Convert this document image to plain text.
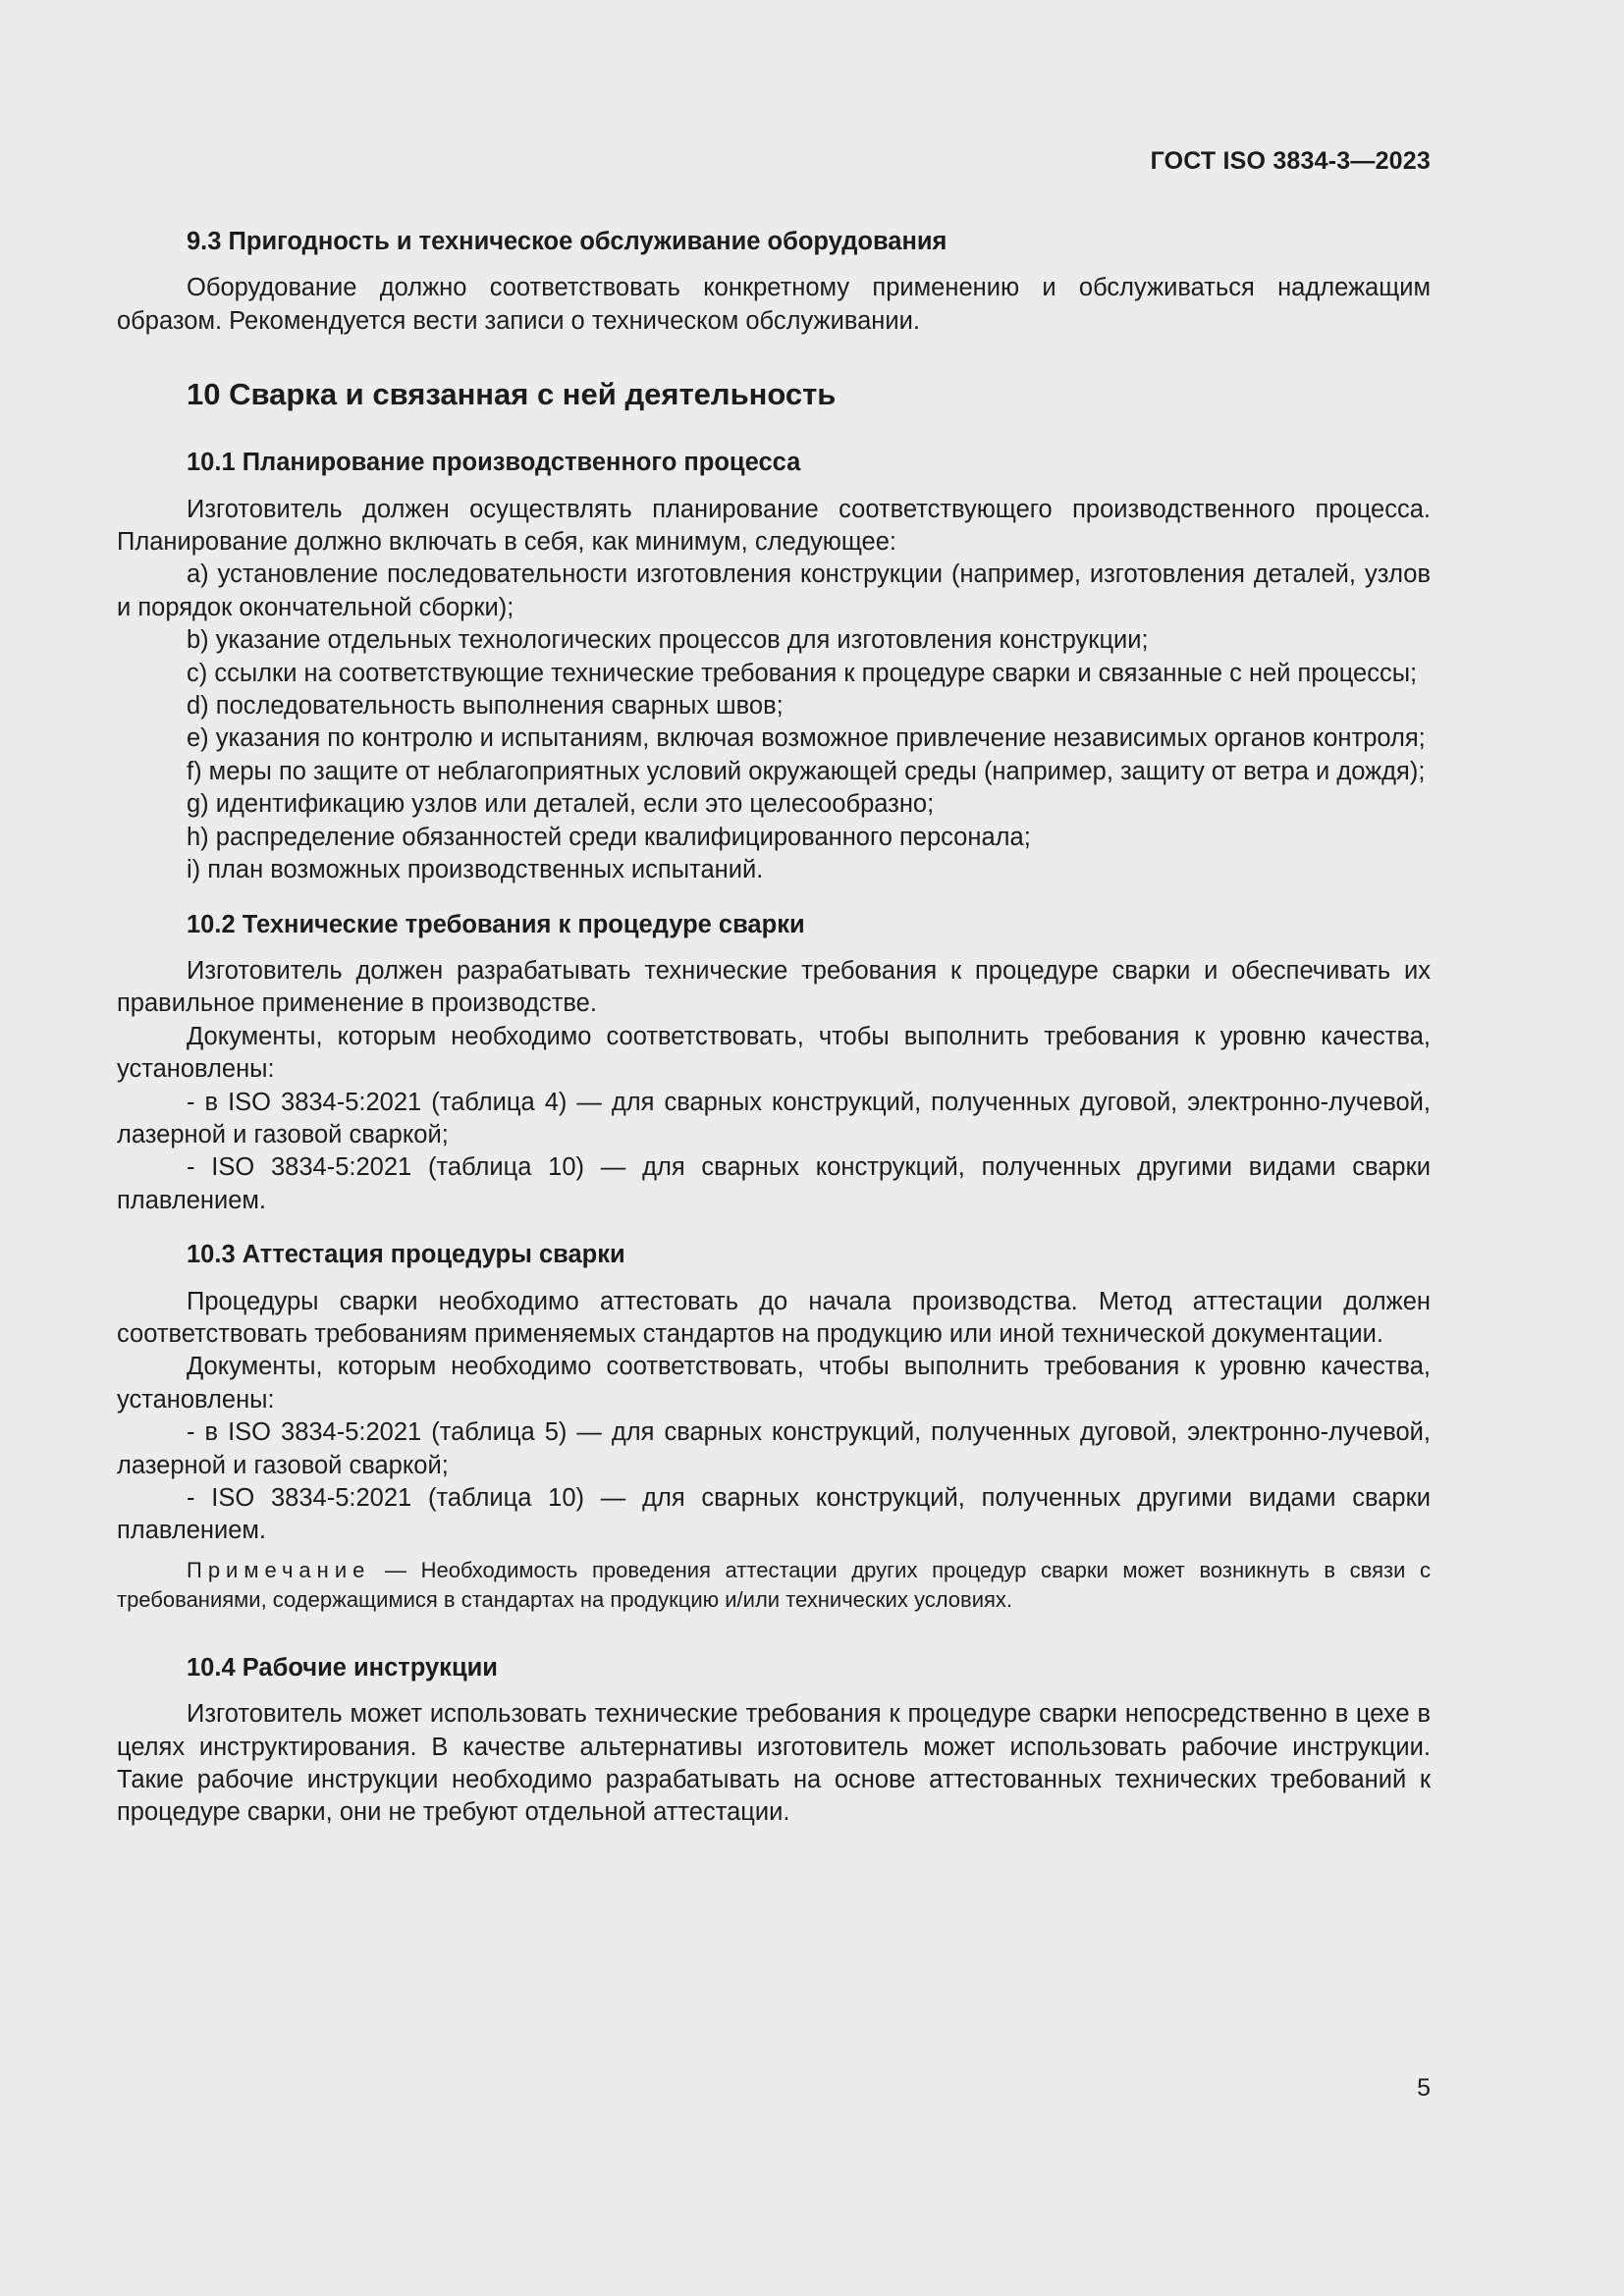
ГОСТ ISO 3834-3—2023

9.3 Пригодность и техническое обслуживание оборудования

Оборудование должно соответствовать конкретному применению и обслуживаться надлежащим образом. Рекомендуется вести записи о техническом обслуживании.

10 Сварка и связанная с ней деятельность

10.1 Планирование производственного процесса

Изготовитель должен осуществлять планирование соответствующего производственного процесса. Планирование должно включать в себя, как минимум, следующее:

a) установление последовательности изготовления конструкции (например, изготовления деталей, узлов и порядок окончательной сборки);

b) указание отдельных технологических процессов для изготовления конструкции;

c) ссылки на соответствующие технические требования к процедуре сварки и связанные с ней процессы;

d) последовательность выполнения сварных швов;

e) указания по контролю и испытаниям, включая возможное привлечение независимых органов контроля;

f) меры по защите от неблагоприятных условий окружающей среды (например, защиту от ветра и дождя);

g) идентификацию узлов или деталей, если это целесообразно;

h) распределение обязанностей среди квалифицированного персонала;

i) план возможных производственных испытаний.

10.2 Технические требования к процедуре сварки

Изготовитель должен разрабатывать технические требования к процедуре сварки и обеспечивать их правильное применение в производстве.

Документы, которым необходимо соответствовать, чтобы выполнить требования к уровню качества, установлены:

- в ISO 3834-5:2021 (таблица 4) — для сварных конструкций, полученных дуговой, электронно-лучевой, лазерной и газовой сваркой;

- ISO 3834-5:2021 (таблица 10) — для сварных конструкций, полученных другими видами сварки плавлением.

10.3 Аттестация процедуры сварки

Процедуры сварки необходимо аттестовать до начала производства. Метод аттестации должен соответствовать требованиям применяемых стандартов на продукцию или иной технической документации.

Документы, которым необходимо соответствовать, чтобы выполнить требования к уровню качества, установлены:

- в ISO 3834-5:2021 (таблица 5) — для сварных конструкций, полученных дуговой, электронно-лучевой, лазерной и газовой сваркой;

- ISO 3834-5:2021 (таблица 10) — для сварных конструкций, полученных другими видами сварки плавлением.

Примечание — Необходимость проведения аттестации других процедур сварки может возникнуть в связи с требованиями, содержащимися в стандартах на продукцию и/или технических условиях.

10.4 Рабочие инструкции

Изготовитель может использовать технические требования к процедуре сварки непосредственно в цехе в целях инструктирования. В качестве альтернативы изготовитель может использовать рабочие инструкции. Такие рабочие инструкции необходимо разрабатывать на основе аттестованных технических требований к процедуре сварки, они не требуют отдельной аттестации.

5
